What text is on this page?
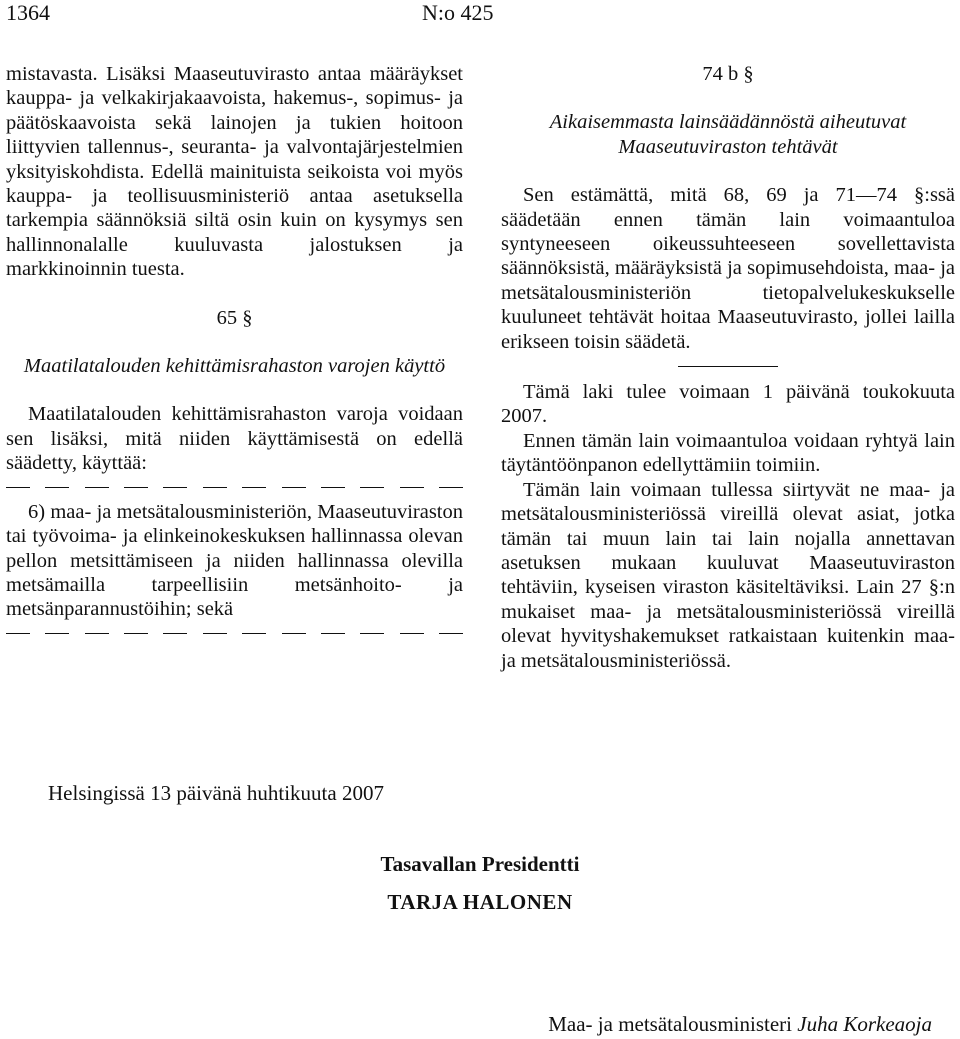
1364	N:o 425

mistavasta. Lisäksi Maaseutuvirasto antaa määräykset kauppa- ja velkakirjakaavoista, hakemus-, sopimus- ja päätöskaavoista sekä lainojen ja tukien hoitoon liittyvien tallennus-, seuranta- ja valvontajärjestelmien yksityiskohdista. Edellä mainituista seikoista voi myös kauppa- ja teollisuusministeriö antaa asetuksella tarkempia säännöksiä siltä osin kuin on kysymys sen hallinnonalalle kuuluvasta jalostuksen ja markkinoinnin tuesta.

65 §
Maatilatalouden kehittämisrahaston varojen käyttö

Maatilatalouden kehittämisrahaston varoja voidaan sen lisäksi, mitä niiden käyttämisestä on edellä säädetty, käyttää:

6) maa- ja metsätalousministeriön, Maaseutuviraston tai työvoima- ja elinkeinokeskuksen hallinnassa olevan pellon metsittämiseen ja niiden hallinnassa olevilla metsämailla tarpeellisiin metsänhoito- ja metsänparannustöihin; sekä

74 b §
Aikaisemmasta lainsäädännöstä aiheutuvat Maaseutuviraston tehtävät

Sen estämättä, mitä 68, 69 ja 71—74 §:ssä säädetään ennen tämän lain voimaantuloa syntyneeseen oikeussuhteeseen sovellettavista säännöksistä, määräyksistä ja sopimusehdoista, maa- ja metsätalousministeriön tietopalvelukeskukselle kuuluneet tehtävät hoitaa Maaseutuvirasto, jollei lailla erikseen toisin säädetä.

Tämä laki tulee voimaan 1 päivänä toukokuuta 2007.

Ennen tämän lain voimaantuloa voidaan ryhtyä lain täytäntöönpanon edellyttämiin toimiin.

Tämän lain voimaan tullessa siirtyvät ne maa- ja metsätalousministeriössä vireillä olevat asiat, jotka tämän tai muun lain tai lain nojalla annettavan asetuksen mukaan kuuluvat Maaseutuviraston tehtäviin, kyseisen viraston käsiteltäviksi. Lain 27 §:n mukaiset maa- ja metsätalousministeriössä vireillä olevat hyvityshakemukset ratkaistaan kuitenkin maa- ja metsätalousministeriössä.

Helsingissä 13 päivänä huhtikuuta 2007
Tasavallan Presidentti
TARJA HALONEN
Maa- ja metsätalousministeri Juha Korkeaoja
